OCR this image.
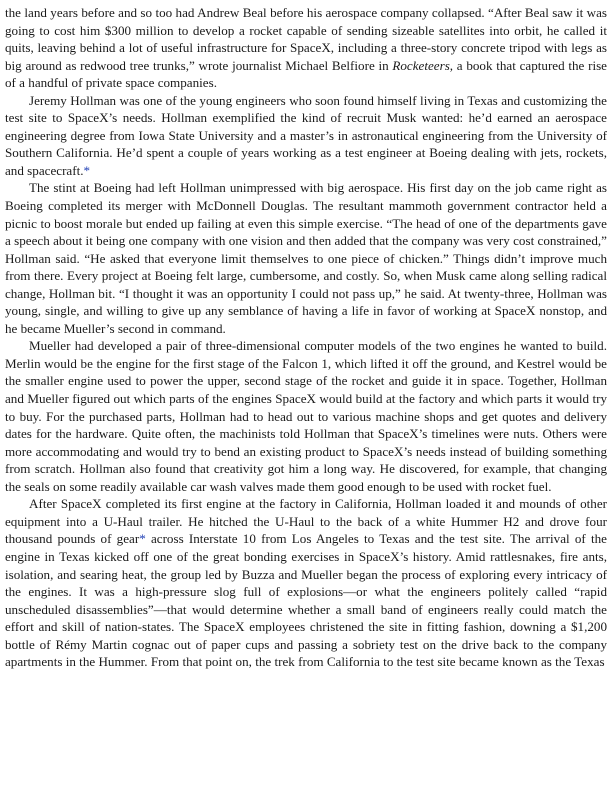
the land years before and so too had Andrew Beal before his aerospace company collapsed. “After Beal saw it was going to cost him $300 million to develop a rocket capable of sending sizeable satellites into orbit, he called it quits, leaving behind a lot of useful infrastructure for SpaceX, including a three-story concrete tripod with legs as big around as redwood tree trunks,” wrote journalist Michael Belfiore in Rocketeers, a book that captured the rise of a handful of private space companies.

Jeremy Hollman was one of the young engineers who soon found himself living in Texas and customizing the test site to SpaceX’s needs. Hollman exemplified the kind of recruit Musk wanted: he’d earned an aerospace engineering degree from Iowa State University and a master’s in astronautical engineering from the University of Southern California. He’d spent a couple of years working as a test engineer at Boeing dealing with jets, rockets, and spacecraft.*

The stint at Boeing had left Hollman unimpressed with big aerospace. His first day on the job came right as Boeing completed its merger with McDonnell Douglas. The resultant mammoth government contractor held a picnic to boost morale but ended up failing at even this simple exercise. “The head of one of the departments gave a speech about it being one company with one vision and then added that the company was very cost constrained,” Hollman said. “He asked that everyone limit themselves to one piece of chicken.” Things didn’t improve much from there. Every project at Boeing felt large, cumbersome, and costly. So, when Musk came along selling radical change, Hollman bit. “I thought it was an opportunity I could not pass up,” he said. At twenty-three, Hollman was young, single, and willing to give up any semblance of having a life in favor of working at SpaceX nonstop, and he became Mueller’s second in command.

Mueller had developed a pair of three-dimensional computer models of the two engines he wanted to build. Merlin would be the engine for the first stage of the Falcon 1, which lifted it off the ground, and Kestrel would be the smaller engine used to power the upper, second stage of the rocket and guide it in space. Together, Hollman and Mueller figured out which parts of the engines SpaceX would build at the factory and which parts it would try to buy. For the purchased parts, Hollman had to head out to various machine shops and get quotes and delivery dates for the hardware. Quite often, the machinists told Hollman that SpaceX’s timelines were nuts. Others were more accommodating and would try to bend an existing product to SpaceX’s needs instead of building something from scratch. Hollman also found that creativity got him a long way. He discovered, for example, that changing the seals on some readily available car wash valves made them good enough to be used with rocket fuel.

After SpaceX completed its first engine at the factory in California, Hollman loaded it and mounds of other equipment into a U-Haul trailer. He hitched the U-Haul to the back of a white Hummer H2 and drove four thousand pounds of gear* across Interstate 10 from Los Angeles to Texas and the test site. The arrival of the engine in Texas kicked off one of the great bonding exercises in SpaceX’s history. Amid rattlesnakes, fire ants, isolation, and searing heat, the group led by Buzza and Mueller began the process of exploring every intricacy of the engines. It was a high-pressure slog full of explosions—or what the engineers politely called “rapid unscheduled disassemblies”—that would determine whether a small band of engineers really could match the effort and skill of nation-states. The SpaceX employees christened the site in fitting fashion, downing a $1,200 bottle of Rémy Martin cognac out of paper cups and passing a sobriety test on the drive back to the company apartments in the Hummer. From that point on, the trek from California to the test site became known as the Texas
